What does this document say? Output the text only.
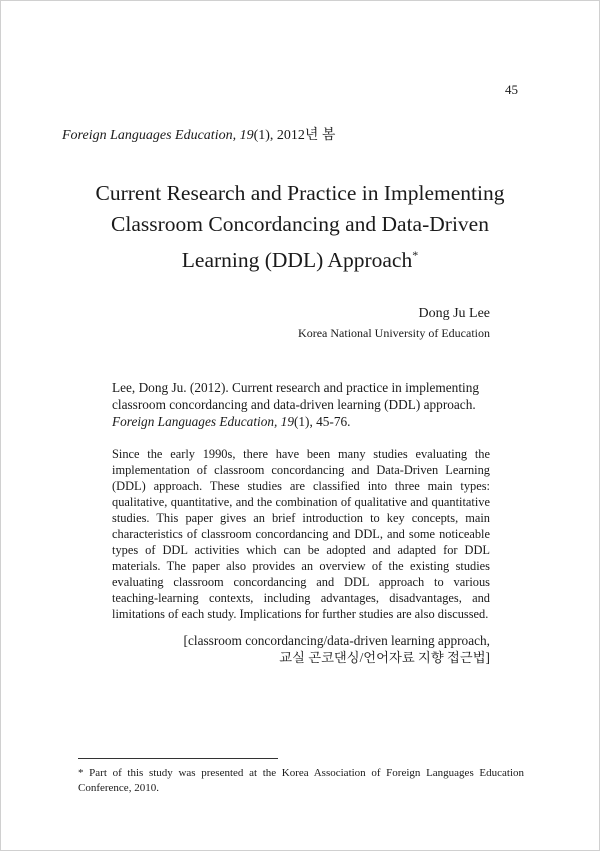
45
Foreign Languages Education, 19(1), 2012년 봄
Current Research and Practice in Implementing
Classroom Concordancing and Data-Driven
Learning (DDL) Approach*
Dong Ju Lee
Korea National University of Education
Lee, Dong Ju. (2012). Current research and practice in implementing classroom concordancing and data-driven learning (DDL) approach. Foreign Languages Education, 19(1), 45-76.
Since the early 1990s, there have been many studies evaluating the implementation of classroom concordancing and Data-Driven Learning (DDL) approach. These studies are classified into three main types: qualitative, quantitative, and the combination of qualitative and quantitative studies. This paper gives an brief introduction to key concepts, main characteristics of classroom concordancing and DDL, and some noticeable types of DDL activities which can be adopted and adapted for DDL materials. The paper also provides an overview of the existing studies evaluating classroom concordancing and DDL approach to various teaching-learning contexts, including advantages, disadvantages, and limitations of each study. Implications for further studies are also discussed.
[classroom concordancing/data-driven learning approach,
교실 곤코댄싱/언어자료 지향 접근법]
* Part of this study was presented at the Korea Association of Foreign Languages Education Conference, 2010.
